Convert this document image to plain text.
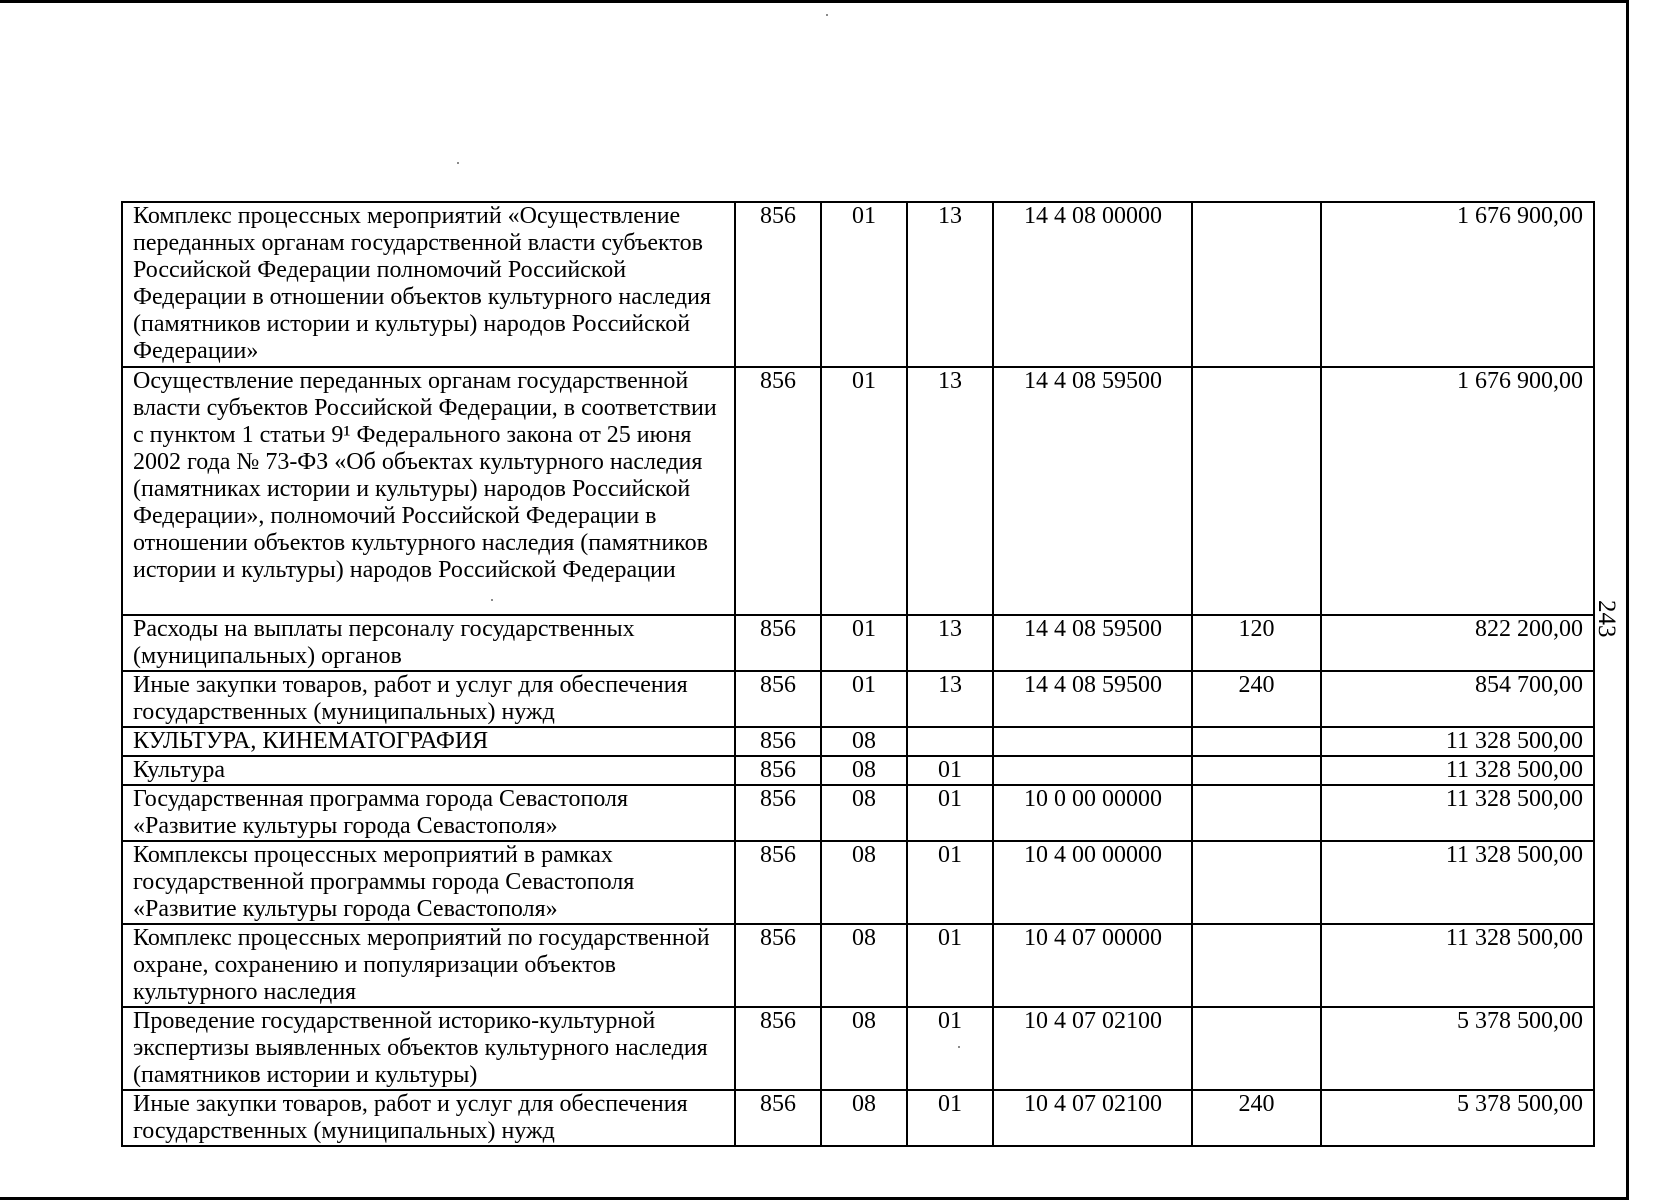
243
Комплекс процессных мероприятий «Осуществление переданных органам государственной власти субъектов Российской Федерации полномочий Российской Федерации в отношении объектов культурного наследия (памятников истории и культуры) народов Российской Федерации»	856	01	13	14 4 08 00000		1 676 900,00
Осуществление переданных органам государственной власти субъектов Российской Федерации, в соответствии с пунктом 1 статьи 9¹ Федерального закона от 25 июня 2002 года № 73-ФЗ «Об объектах культурного наследия (памятниках истории и культуры) народов Российской Федерации», полномочий Российской Федерации в отношении объектов культурного наследия (памятников истории и культуры) народов Российской Федерации	856	01	13	14 4 08 59500		1 676 900,00
Расходы на выплаты персоналу государственных (муниципальных) органов	856	01	13	14 4 08 59500	120	822 200,00
Иные закупки товаров, работ и услуг для обеспечения государственных (муниципальных) нужд	856	01	13	14 4 08 59500	240	854 700,00
КУЛЬТУРА, КИНЕМАТОГРАФИЯ	856	08				11 328 500,00
Культура	856	08	01			11 328 500,00
Государственная программа города Севастополя «Развитие культуры города Севастополя»	856	08	01	10 0 00 00000		11 328 500,00
Комплексы процессных мероприятий в рамках государственной программы города Севастополя «Развитие культуры города Севастополя»	856	08	01	10 4 00 00000		11 328 500,00
Комплекс процессных мероприятий по государственной охране, сохранению и популяризации объектов культурного наследия	856	08	01	10 4 07 00000		11 328 500,00
Проведение государственной историко-культурной экспертизы выявленных объектов культурного наследия (памятников истории и культуры)	856	08	01	10 4 07 02100		5 378 500,00
Иные закупки товаров, работ и услуг для обеспечения государственных (муниципальных) нужд	856	08	01	10 4 07 02100	240	5 378 500,00
